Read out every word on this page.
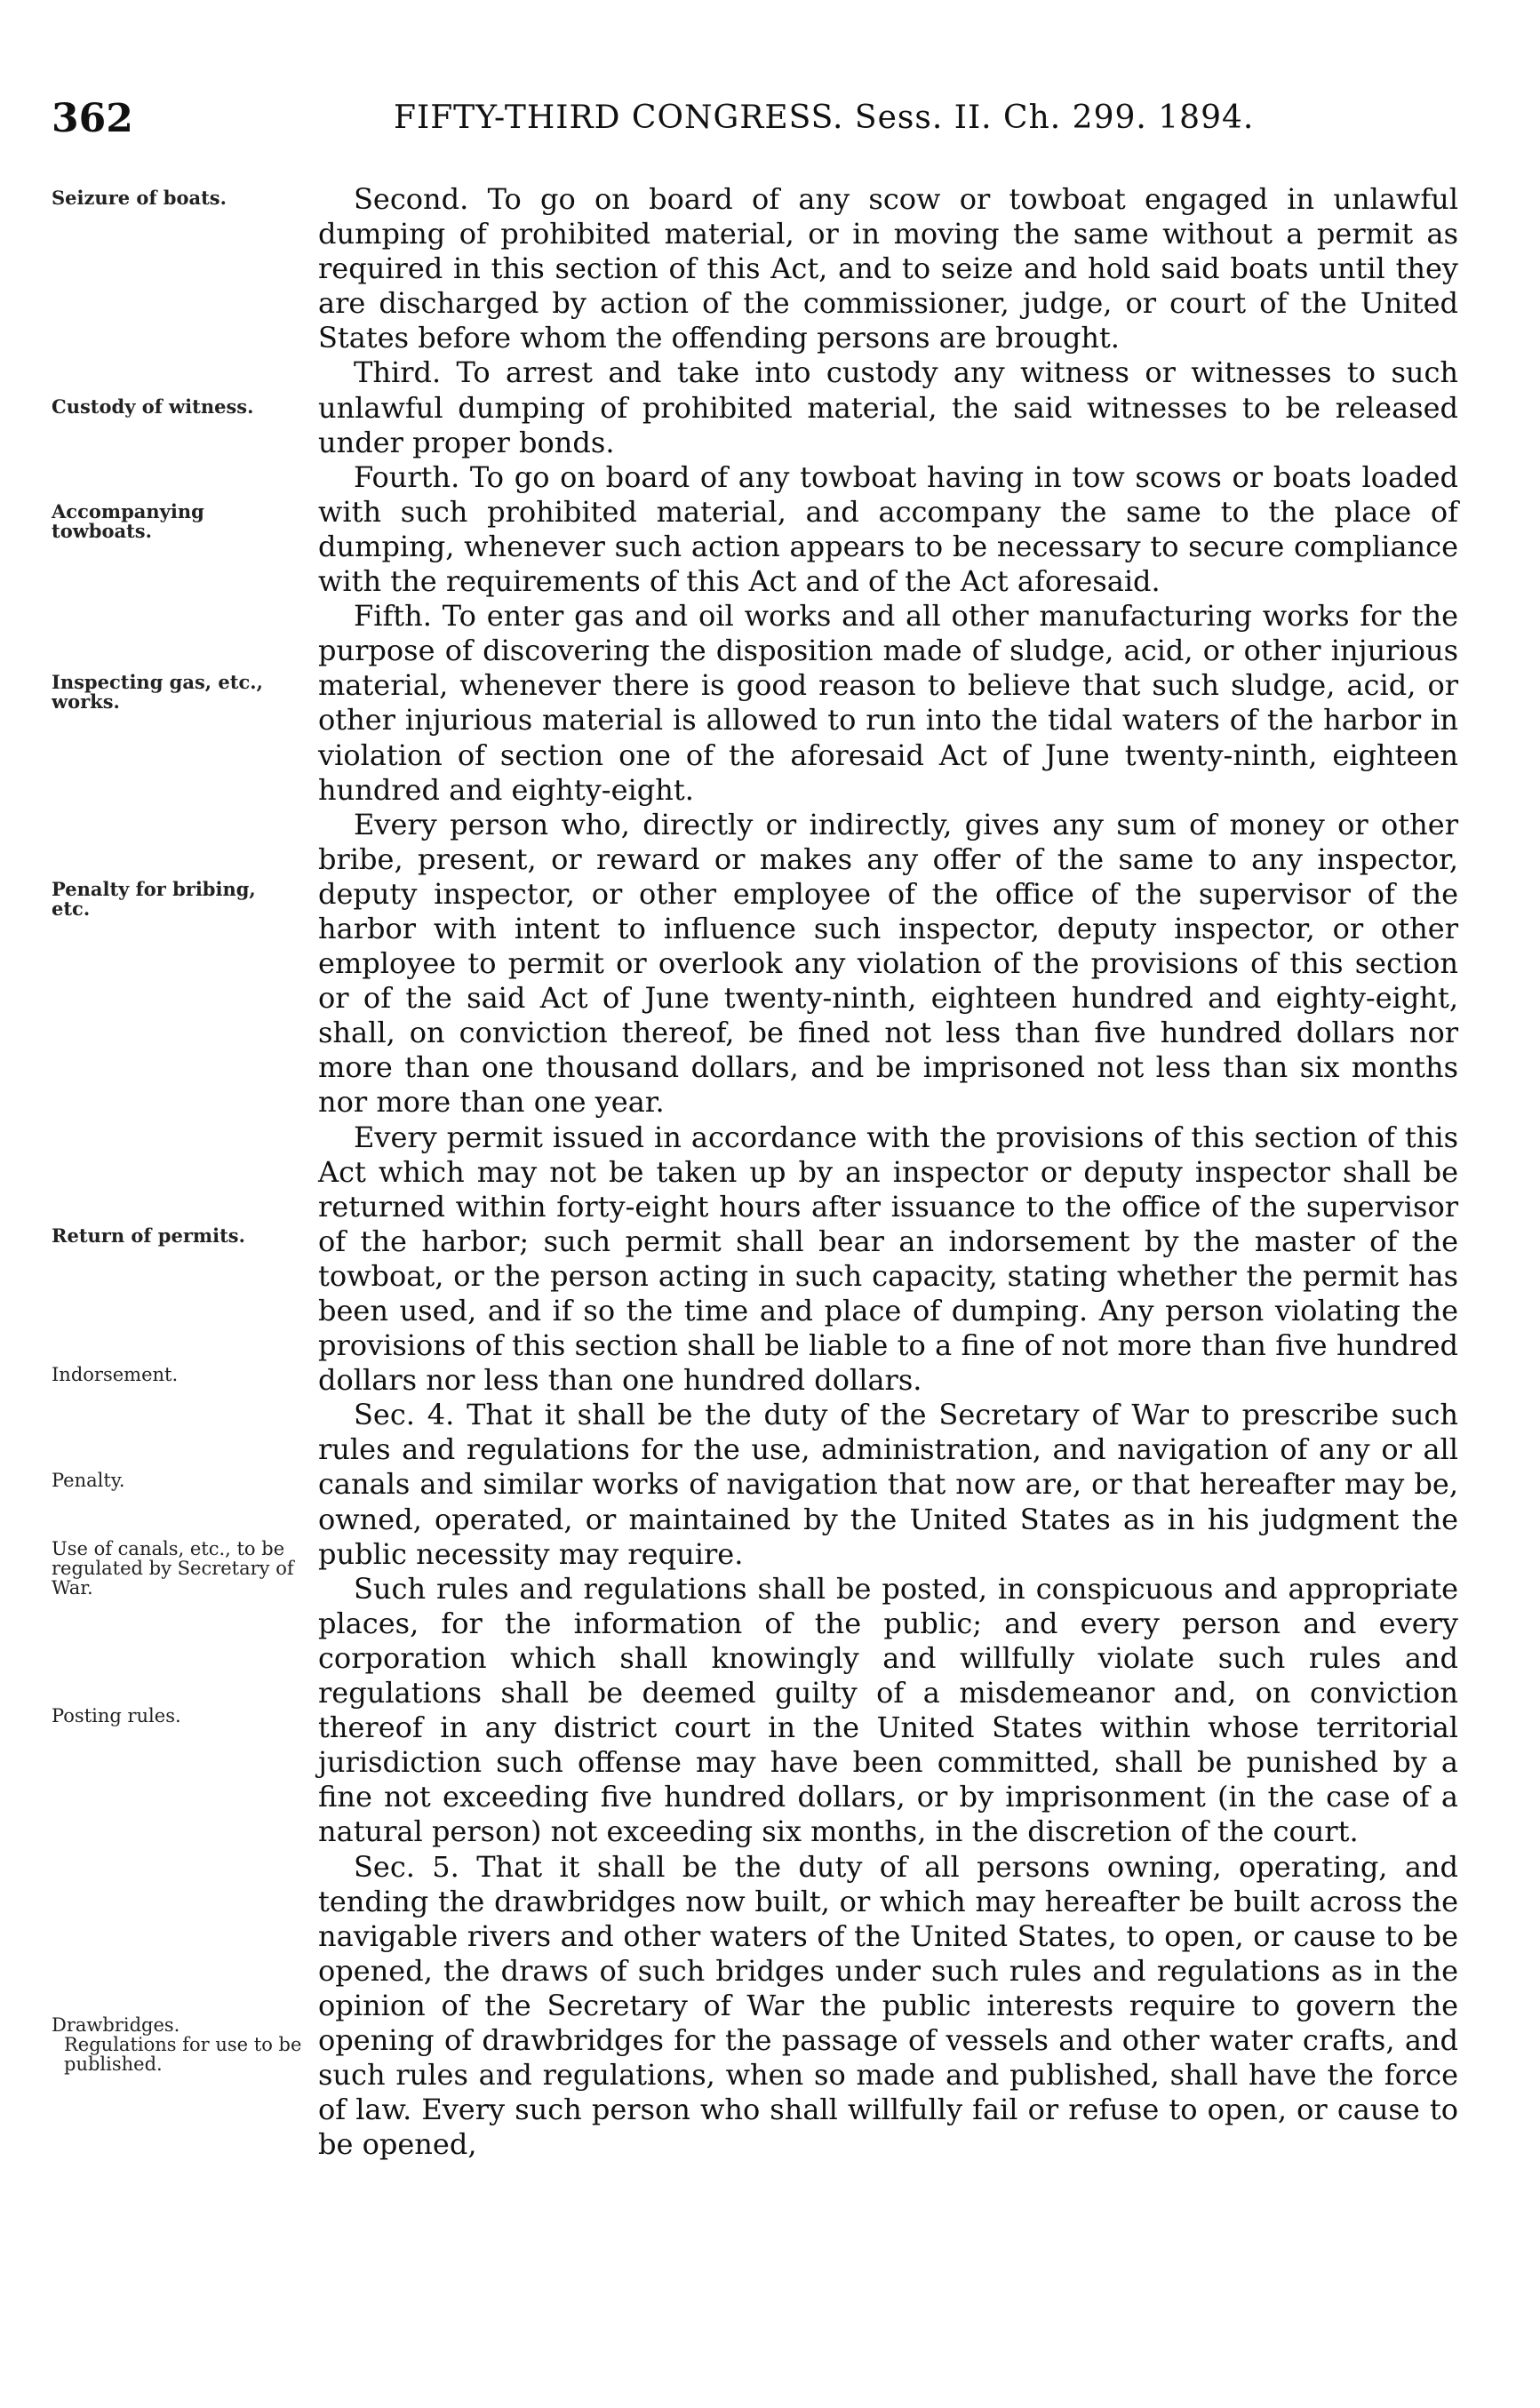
362	FIFTY-THIRD CONGRESS. Sess. II. Ch. 299. 1894.
Seizure of boats.
Custody of witness.
Accompanying towboats.
Inspecting gas, etc., works.
Penalty for bribing, etc.
Return of permits.
Indorsement.
Penalty.
Use of canals, etc., to be regulated by Secretary of War.
Posting rules.
Drawbridges.
Regulations for use to be published.

Second. To go on board of any scow or towboat engaged in unlawful dumping of prohibited material, or in moving the same without a permit as required in this section of this Act, and to seize and hold said boats until they are discharged by action of the commissioner, judge, or court of the United States before whom the offending persons are brought.

Third. To arrest and take into custody any witness or witnesses to such unlawful dumping of prohibited material, the said witnesses to be released under proper bonds.

Fourth. To go on board of any towboat having in tow scows or boats loaded with such prohibited material, and accompany the same to the place of dumping, whenever such action appears to be necessary to secure compliance with the requirements of this Act and of the Act aforesaid.

Fifth. To enter gas and oil works and all other manufacturing works for the purpose of discovering the disposition made of sludge, acid, or other injurious material, whenever there is good reason to believe that such sludge, acid, or other injurious material is allowed to run into the tidal waters of the harbor in violation of section one of the aforesaid Act of June twenty-ninth, eighteen hundred and eighty-eight.

Every person who, directly or indirectly, gives any sum of money or other bribe, present, or reward or makes any offer of the same to any inspector, deputy inspector, or other employee of the office of the supervisor of the harbor with intent to influence such inspector, deputy inspector, or other employee to permit or overlook any violation of the provisions of this section or of the said Act of June twenty-ninth, eighteen hundred and eighty-eight, shall, on conviction thereof, be fined not less than five hundred dollars nor more than one thousand dollars, and be imprisoned not less than six months nor more than one year.

Every permit issued in accordance with the provisions of this section of this Act which may not be taken up by an inspector or deputy inspector shall be returned within forty-eight hours after issuance to the office of the supervisor of the harbor; such permit shall bear an indorsement by the master of the towboat, or the person acting in such capacity, stating whether the permit has been used, and if so the time and place of dumping. Any person violating the provisions of this section shall be liable to a fine of not more than five hundred dollars nor less than one hundred dollars.

Sec. 4. That it shall be the duty of the Secretary of War to prescribe such rules and regulations for the use, administration, and navigation of any or all canals and similar works of navigation that now are, or that hereafter may be, owned, operated, or maintained by the United States as in his judgment the public necessity may require.

Such rules and regulations shall be posted, in conspicuous and appropriate places, for the information of the public; and every person and every corporation which shall knowingly and willfully violate such rules and regulations shall be deemed guilty of a misdemeanor and, on conviction thereof in any district court in the United States within whose territorial jurisdiction such offense may have been committed, shall be punished by a fine not exceeding five hundred dollars, or by imprisonment (in the case of a natural person) not exceeding six months, in the discretion of the court.

Sec. 5. That it shall be the duty of all persons owning, operating, and tending the drawbridges now built, or which may hereafter be built across the navigable rivers and other waters of the United States, to open, or cause to be opened, the draws of such bridges under such rules and regulations as in the opinion of the Secretary of War the public interests require to govern the opening of drawbridges for the passage of vessels and other water crafts, and such rules and regulations, when so made and published, shall have the force of law. Every such person who shall willfully fail or refuse to open, or cause to be opened,
